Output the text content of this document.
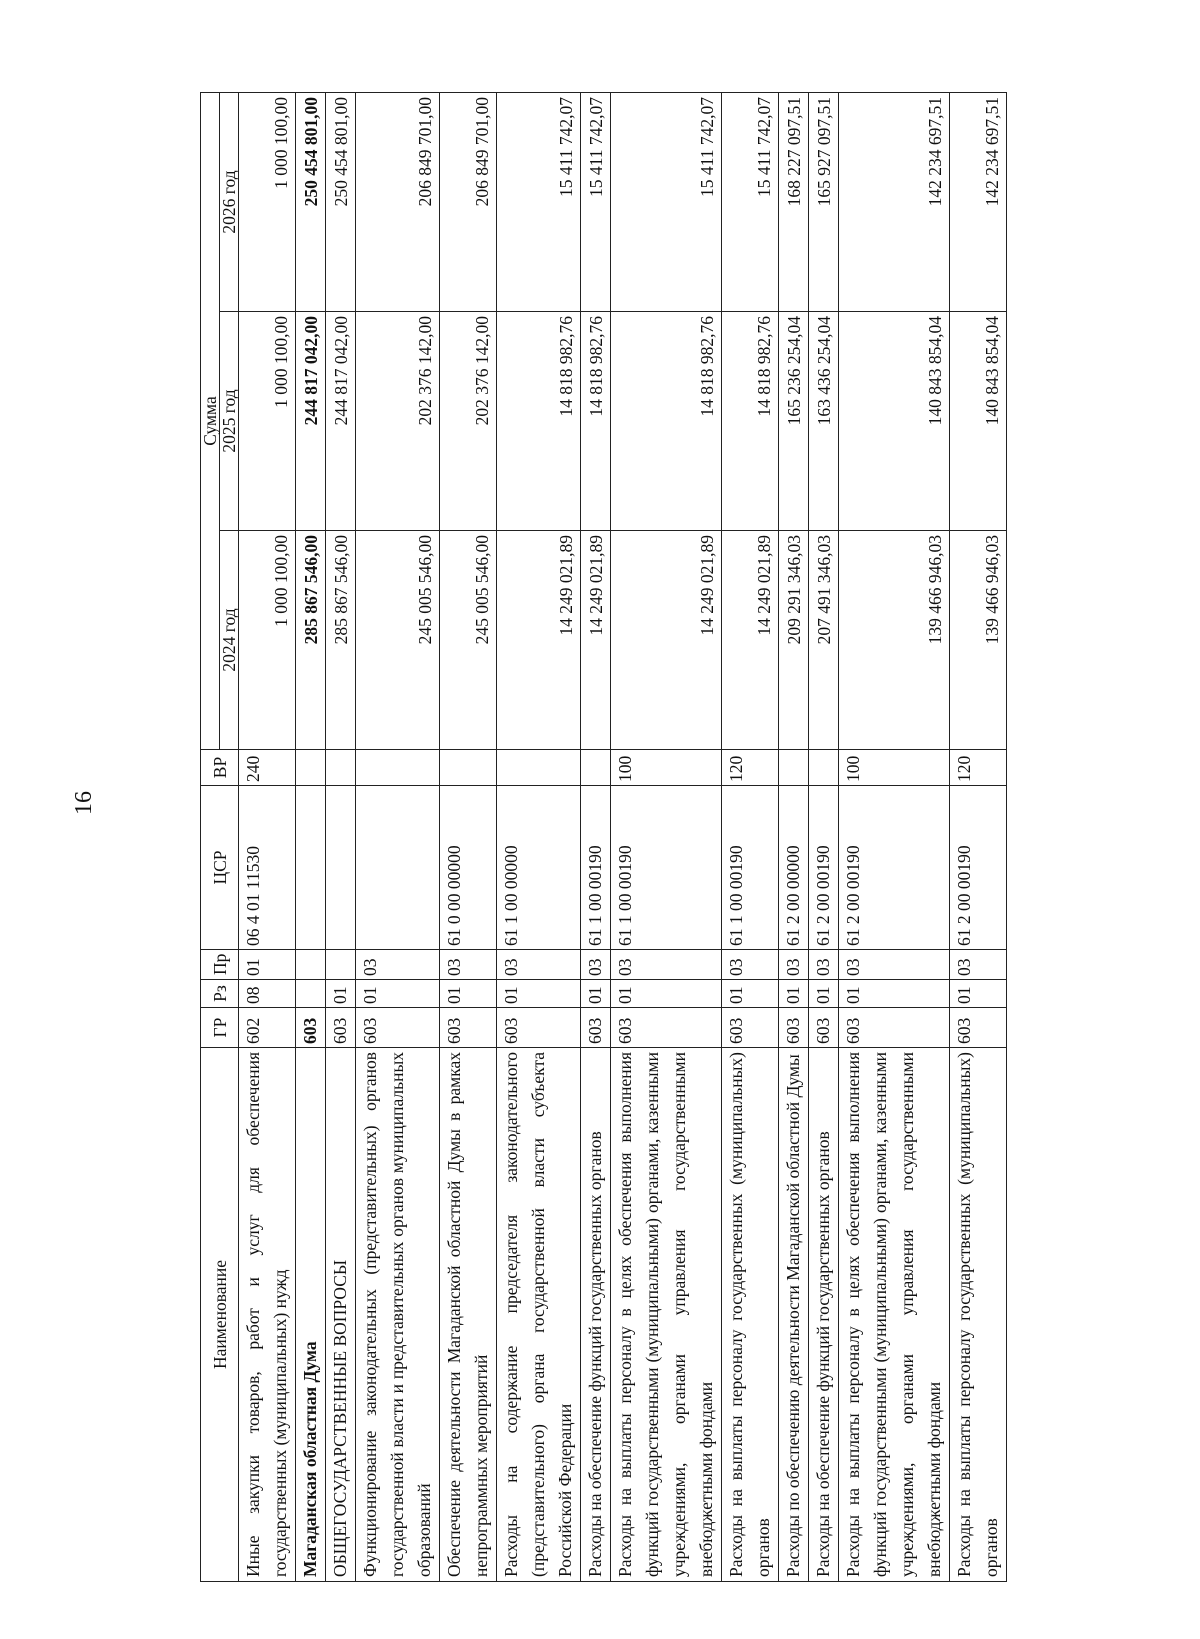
16
Наименование	ГР	Рз	Пр	ЦСР	ВР	Сумма		
						2024 год	2025 год	2026 год
Иные закупки товаров, работ и услуг для обеспечения государственных (муниципальных) нужд	602	08	01	06 4 01 11530	240	1 000 100,00	1 000 100,00	1 000 100,00
Магаданская областная Дума	603					285 867 546,00	244 817 042,00	250 454 801,00
ОБЩЕГОСУДАРСТВЕННЫЕ ВОПРОСЫ	603	01				285 867 546,00	244 817 042,00	250 454 801,00
Функционирование законодательных (представительных) органов государственной власти и представительных органов муниципальных образований	603	01	03			245 005 546,00	202 376 142,00	206 849 701,00
Обеспечение деятельности Магаданской областной Думы в рамках непрограммных мероприятий	603	01	03	61 0 00 00000		245 005 546,00	202 376 142,00	206 849 701,00
Расходы на содержание председателя законодательного (представительного) органа государственной власти субъекта Российской Федерации	603	01	03	61 1 00 00000		14 249 021,89	14 818 982,76	15 411 742,07
Расходы на обеспечение функций государственных органов	603	01	03	61 1 00 00190		14 249 021,89	14 818 982,76	15 411 742,07
Расходы на выплаты персоналу в целях обеспечения выполнения функций государственными (муниципальными) органами, казенными учреждениями, органами управления государственными внебюджетными фондами	603	01	03	61 1 00 00190	100	14 249 021,89	14 818 982,76	15 411 742,07
Расходы на выплаты персоналу государственных (муниципальных) органов	603	01	03	61 1 00 00190	120	14 249 021,89	14 818 982,76	15 411 742,07
Расходы по обеспечению деятельности Магаданской областной Думы	603	01	03	61 2 00 00000		209 291 346,03	165 236 254,04	168 227 097,51
Расходы на обеспечение функций государственных органов	603	01	03	61 2 00 00190		207 491 346,03	163 436 254,04	165 927 097,51
Расходы на выплаты персоналу в целях обеспечения выполнения функций государственными (муниципальными) органами, казенными учреждениями, органами управления государственными внебюджетными фондами	603	01	03	61 2 00 00190	100	139 466 946,03	140 843 854,04	142 234 697,51
Расходы на выплаты персоналу государственных (муниципальных) органов	603	01	03	61 2 00 00190	120	139 466 946,03	140 843 854,04	142 234 697,51
